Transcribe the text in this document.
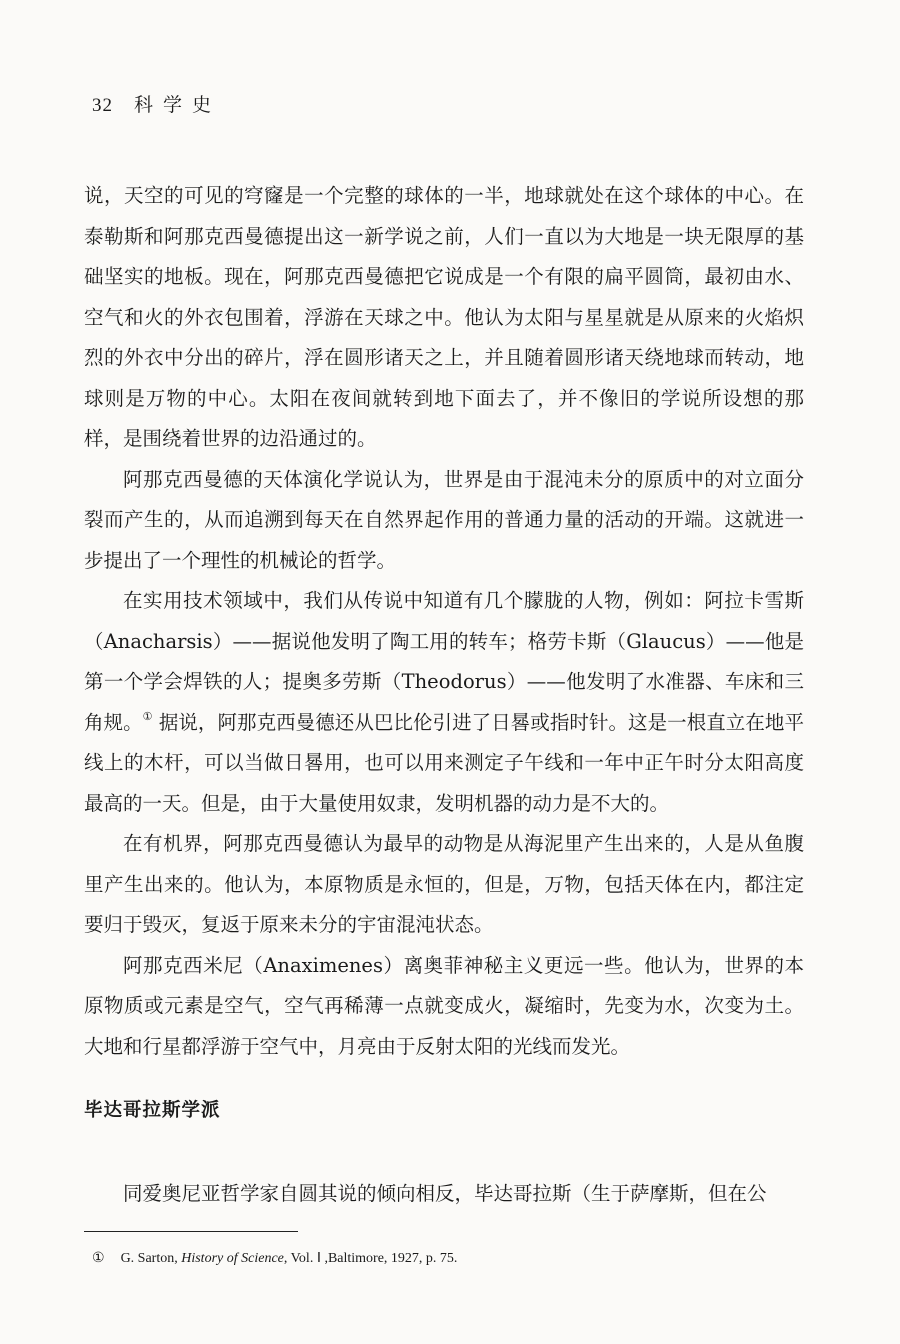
32 科学史

说，天空的可见的穹窿是一个完整的球体的一半，地球就处在这个球体的中心。在泰勒斯和阿那克西曼德提出这一新学说之前，人们一直以为大地是一块无限厚的基础坚实的地板。现在，阿那克西曼德把它说成是一个有限的扁平圆筒，最初由水、空气和火的外衣包围着，浮游在天球之中。他认为太阳与星星就是从原来的火焰炽烈的外衣中分出的碎片，浮在圆形诸天之上，并且随着圆形诸天绕地球而转动，地球则是万物的中心。太阳在夜间就转到地下面去了，并不像旧的学说所设想的那样，是围绕着世界的边沿通过的。

阿那克西曼德的天体演化学说认为，世界是由于混沌未分的原质中的对立面分裂而产生的，从而追溯到每天在自然界起作用的普通力量的活动的开端。这就进一步提出了一个理性的机械论的哲学。

在实用技术领域中，我们从传说中知道有几个朦胧的人物，例如：阿拉卡雪斯（Anacharsis）——据说他发明了陶工用的转车；格劳卡斯（Glaucus）——他是第一个学会焊铁的人；提奥多劳斯（Theodorus）——他发明了水准器、车床和三角规。① 据说，阿那克西曼德还从巴比伦引进了日晷或指时针。这是一根直立在地平线上的木杆，可以当做日晷用，也可以用来测定子午线和一年中正午时分太阳高度最高的一天。但是，由于大量使用奴隶，发明机器的动力是不大的。

在有机界，阿那克西曼德认为最早的动物是从海泥里产生出来的，人是从鱼腹里产生出来的。他认为，本原物质是永恒的，但是，万物，包括天体在内，都注定要归于毁灭，复返于原来未分的宇宙混沌状态。

阿那克西米尼（Anaximenes）离奥菲神秘主义更远一些。他认为，世界的本原物质或元素是空气，空气再稀薄一点就变成火，凝缩时，先变为水，次变为土。大地和行星都浮游于空气中，月亮由于反射太阳的光线而发光。

毕达哥拉斯学派

同爱奥尼亚哲学家自圆其说的倾向相反，毕达哥拉斯（生于萨摩斯，但在公

① G. Sarton, History of Science, Vol. Ⅰ ,Baltimore, 1927, p. 75.
